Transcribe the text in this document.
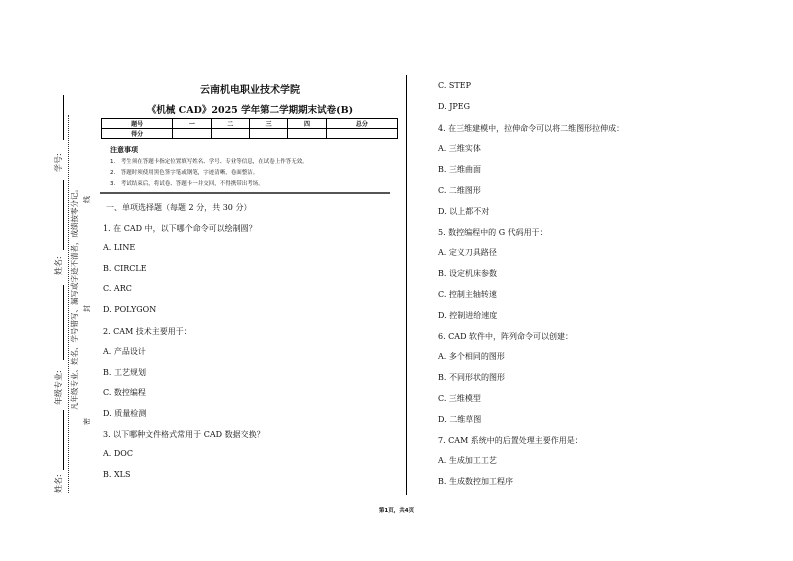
云南机电职业技术学院
《机械 CAD》2025 学年第二学期期末试卷(B)
题号	一	二	三	四	总分
得分					
注意事项
1.　考生须在答题卡指定位置填写姓名、学号、专业等信息，在试卷上作答无效。
2.　答题时须使用黑色签字笔或钢笔，字迹清晰，卷面整洁。
3.　考试结束后，将试卷、答题卡一并交回，不得携带出考场。
一、单项选择题（每题 2 分，共 30 分）
1. 在 CAD 中，以下哪个命令可以绘制圆？
A. LINE
B. CIRCLE
C. ARC
D. POLYGON
2. CAM 技术主要用于：
A. 产品设计
B. 工艺规划
C. 数控编程
D. 质量检测
3. 以下哪种文件格式常用于 CAD 数据交换？
A. DOC
B. XLS
C. STEP
D. JPEG
4. 在三维建模中，拉伸命令可以将二维图形拉伸成：
A. 三维实体
B. 三维曲面
C. 二维图形
D. 以上都不对
5. 数控编程中的 G 代码用于：
A. 定义刀具路径
B. 设定机床参数
C. 控制主轴转速
D. 控制进给速度
6. CAD 软件中，阵列命令可以创建：
A. 多个相同的图形
B. 不同形状的图形
C. 三维模型
D. 二维草图
7. CAM 系统中的后置处理主要作用是：
A. 生成加工工艺
B. 生成数控加工程序
学号:
姓名:
年级专业:
姓名:
凡年级专业、姓名、学号错写、漏写或字迹不清者，成绩按零分记。
密
封
线
第1页，共4页
